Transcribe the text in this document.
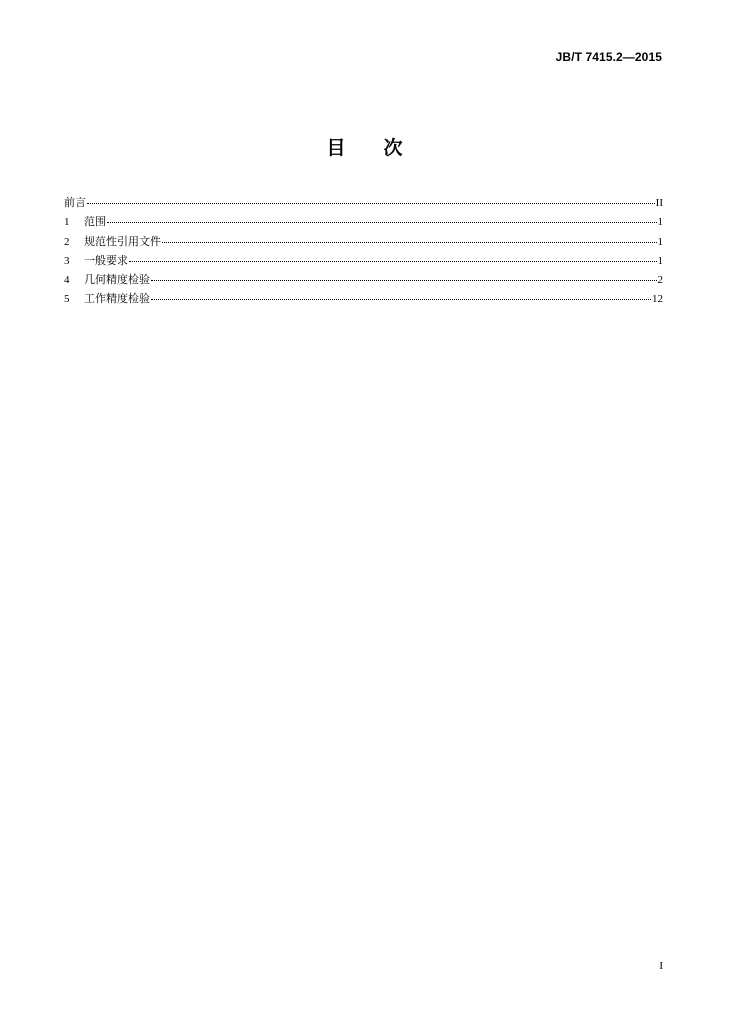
JB/T 7415.2—2015
目 次
前言	II
1	范围	1
2	规范性引用文件	1
3	一般要求	1
4	几何精度检验	2
5	工作精度检验	12
I
